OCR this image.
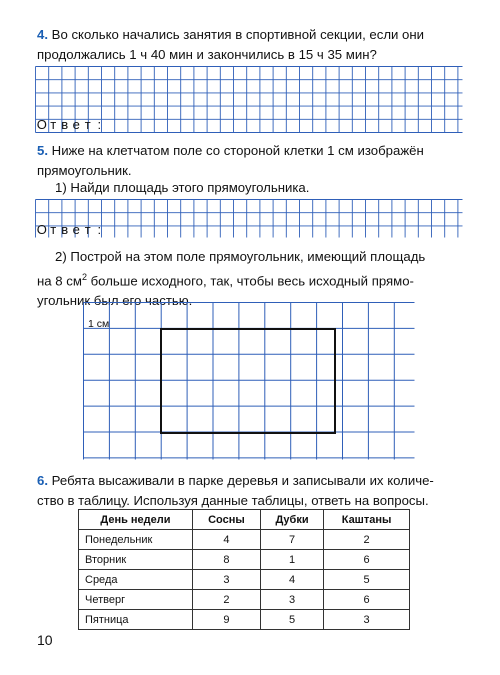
4. Во сколько начались занятия в спортивной секции, если они
продолжались 1 ч 40 мин и закончились в 15 ч 35 мин?
О т в е т :
5. Ниже на клетчатом поле со стороной клетки 1 см изображён
прямоугольник.
1) Найди площадь этого прямоугольника.
О т в е т :
2) Построй на этом поле прямоугольник, имеющий площадь
на 8 $см^2$ больше исходного, так, чтобы весь исходный прямо-
угольник был его частью.
1 см
6. Ребята высаживали в парке деревья и записывали их количе-
ство в таблицу. Используя данные таблицы, ответь на вопросы.
День недели	Сосны	Дубки	Каштаны
Понедельник	4	7	2
Вторник	8	1	6
Среда	3	4	5
Четверг	2	3	6
Пятница	9	5	3
10
